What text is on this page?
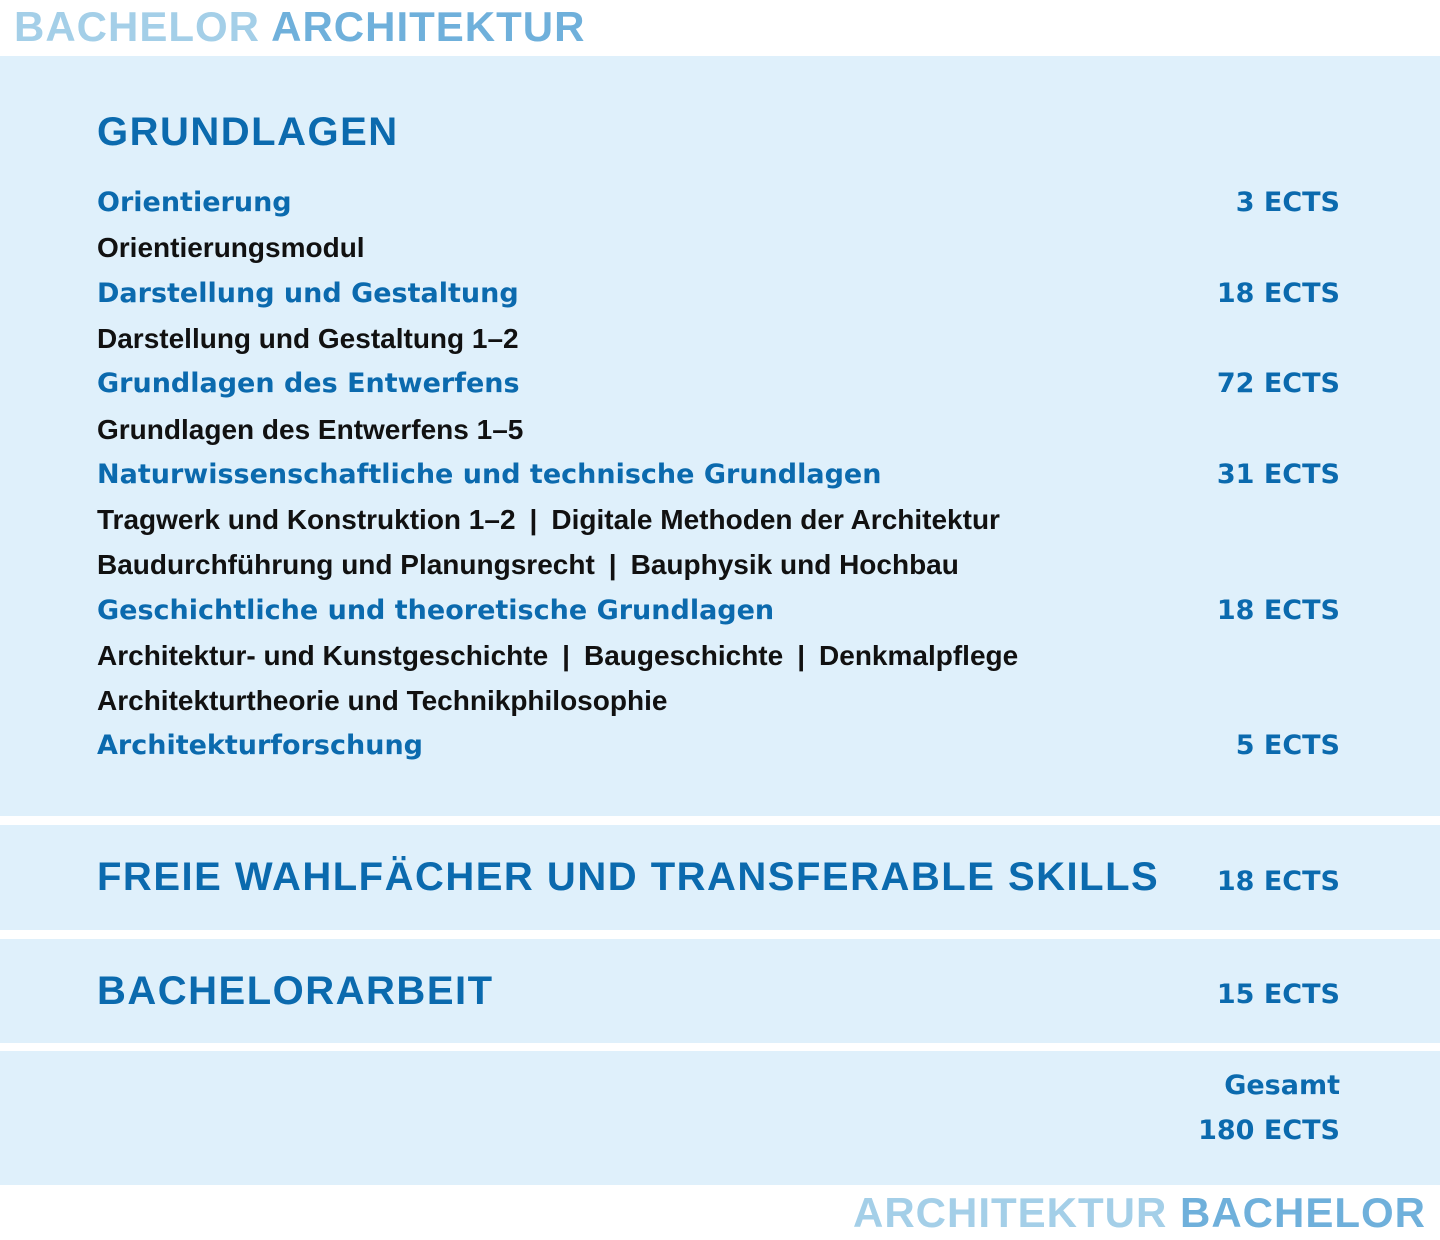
BACHELOR ARCHITEKTUR
GRUNDLAGEN
Orientierung	3 ECTS
Orientierungsmodul
Darstellung und Gestaltung	18 ECTS
Darstellung und Gestaltung 1–2
Grundlagen des Entwerfens	72 ECTS
Grundlagen des Entwerfens 1–5
Naturwissenschaftliche und technische Grundlagen	31 ECTS
Tragwerk und Konstruktion 1–2 | Digitale Methoden der Architektur
Baudurchführung und Planungsrecht | Bauphysik und Hochbau
Geschichtliche und theoretische Grundlagen	18 ECTS
Architektur- und Kunstgeschichte | Baugeschichte | Denkmalpflege
Architekturtheorie und Technikphilosophie
Architekturforschung	5 ECTS
FREIE WAHLFÄCHER UND TRANSFERABLE SKILLS 18 ECTS
BACHELORARBEIT	15 ECTS
Gesamt
180 ECTS
ARCHITEKTUR BACHELOR
